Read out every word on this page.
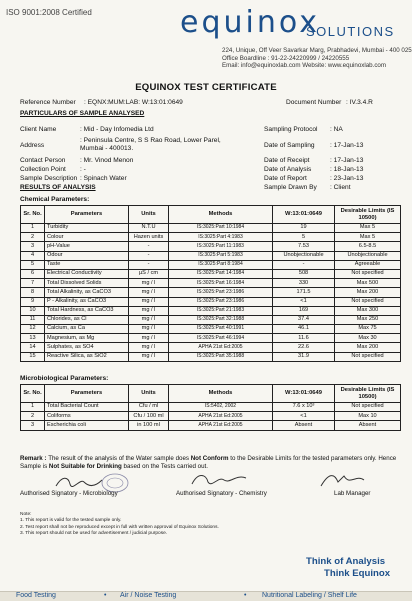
ISO 9001:2008 Certified	equinox
SOLUTIONS
224, Unique, Off Veer Savarkar Marg, Prabhadevi, Mumbai - 400 025
Office Boardline : 91-22-24220999 / 24220555
Email: info@equinoxlab.com Website: www.equinoxlab.com
EQUINOX TEST CERTIFICATE
Reference Number : EQNX:MUM:LAB: W:13:01:0649	Document Number : IV.3.4.R
PARTICULARS OF SAMPLE ANALYSED
Client Name	: Mid - Day Infomedia Ltd
Address
: Peninsula Centre, S S Rao Road, Lower Parel,
Mumbai - 400013.
Contact Person : Mr. Vinod Menon
Collection Point : -
Sample Description : Spinach Water
Sampling Protocol : NA
Date of Sampling : 17-Jan-13
Date of Receipt	: 17-Jan-13
Date of Analysis	: 18-Jan-13
Date of Report	: 23-Jan-13
Sample Drawn By : Client
RESULTS OF ANALYSIS
Chemical Parameters:
Sr. No.	Parameters	Units	Methods	W:13:01:0649	Desirable Limits (IS 10500)
1	Turbidity	N.T.U	IS:3025:Part 10:1984	19	Max 5
2	Colour	Hazen units	IS:3025:Part 4:1983	5	Max 5
3	pH-Value	-	IS:3025:Part 11:1983	7.53	6.5-8.5
4	Odour	-	IS:3025:Part 5:1983	Unobjectionable	Unobjectionable
5	Taste	-	IS:3025:Part 8:1984	-	Agreeable
6	Electrical Conductivity	µS / cm	IS:3025:Part 14:1984	508	Not specified
7	Total Dissolved Solids	mg / l	IS:3025:Part 16:1984	330	Max 500
8	Total Alkalinity, as CaCO3	mg / l	IS:3025:Part 23:1986	171.5	Max 200
9	P - Alkalinity, as CaCO3	mg / l	IS:3025:Part 23:1986	<1	Not specified
10	Total Hardness, as CaCO3	mg / l	IS:3025:Part 21:1983	169	Max 300
11	Chlorides, as Cl	mg / l	IS:3025:Part 32:1988	37.4	Max 250
12	Calcium, as Ca	mg / l	IS:3025:Part 40:1991	46.1	Max 75
13	Magnesium, as Mg	mg / l	IS:3025:Part 46:1994	11.6	Max 30
14	Sulphates, as SO4	mg / l	APHA 21st Ed:2005	22.6	Max 200
15	Reactive Silica, as SiO2	mg / l	IS:3025:Part 35:1988	31.9	Not specified
Microbiological Parameters:
Sr. No.	Parameters	Units	Methods	W:13:01:0649	Desirable Limits (IS 10500)
1	Total Bacterial Count	Cfu / ml	IS:5402, 2002	7.6 x 10³	Not specified
2	Coliforms	Cfu / 100 ml	APHA 21st Ed:2005	<1	Max 10
3	Escherichia coli	in 100 ml	APHA 21st Ed:2005	Absent	Absent
Remark : The result of the analysis of the Water sample does Not Conform to the Desirable Limits for the tested parameters only. Hence Sample is Not Suitable for Drinking based on the Tests carried out.
Authorised Signatory - Microbiology	Authorised Signatory - Chemistry	Lab Manager
Note:
1. This report is valid for the tested sample only.
2. Test report shall not be reproduced except in full with written approval of Equinox Solutions.
3. This report should not be used for advertisement / judicial purpose.
Think of Analysis
Think Equinox
Food Testing	• Air / Noise Testing	• Nutritional Labeling / Shelf Life
